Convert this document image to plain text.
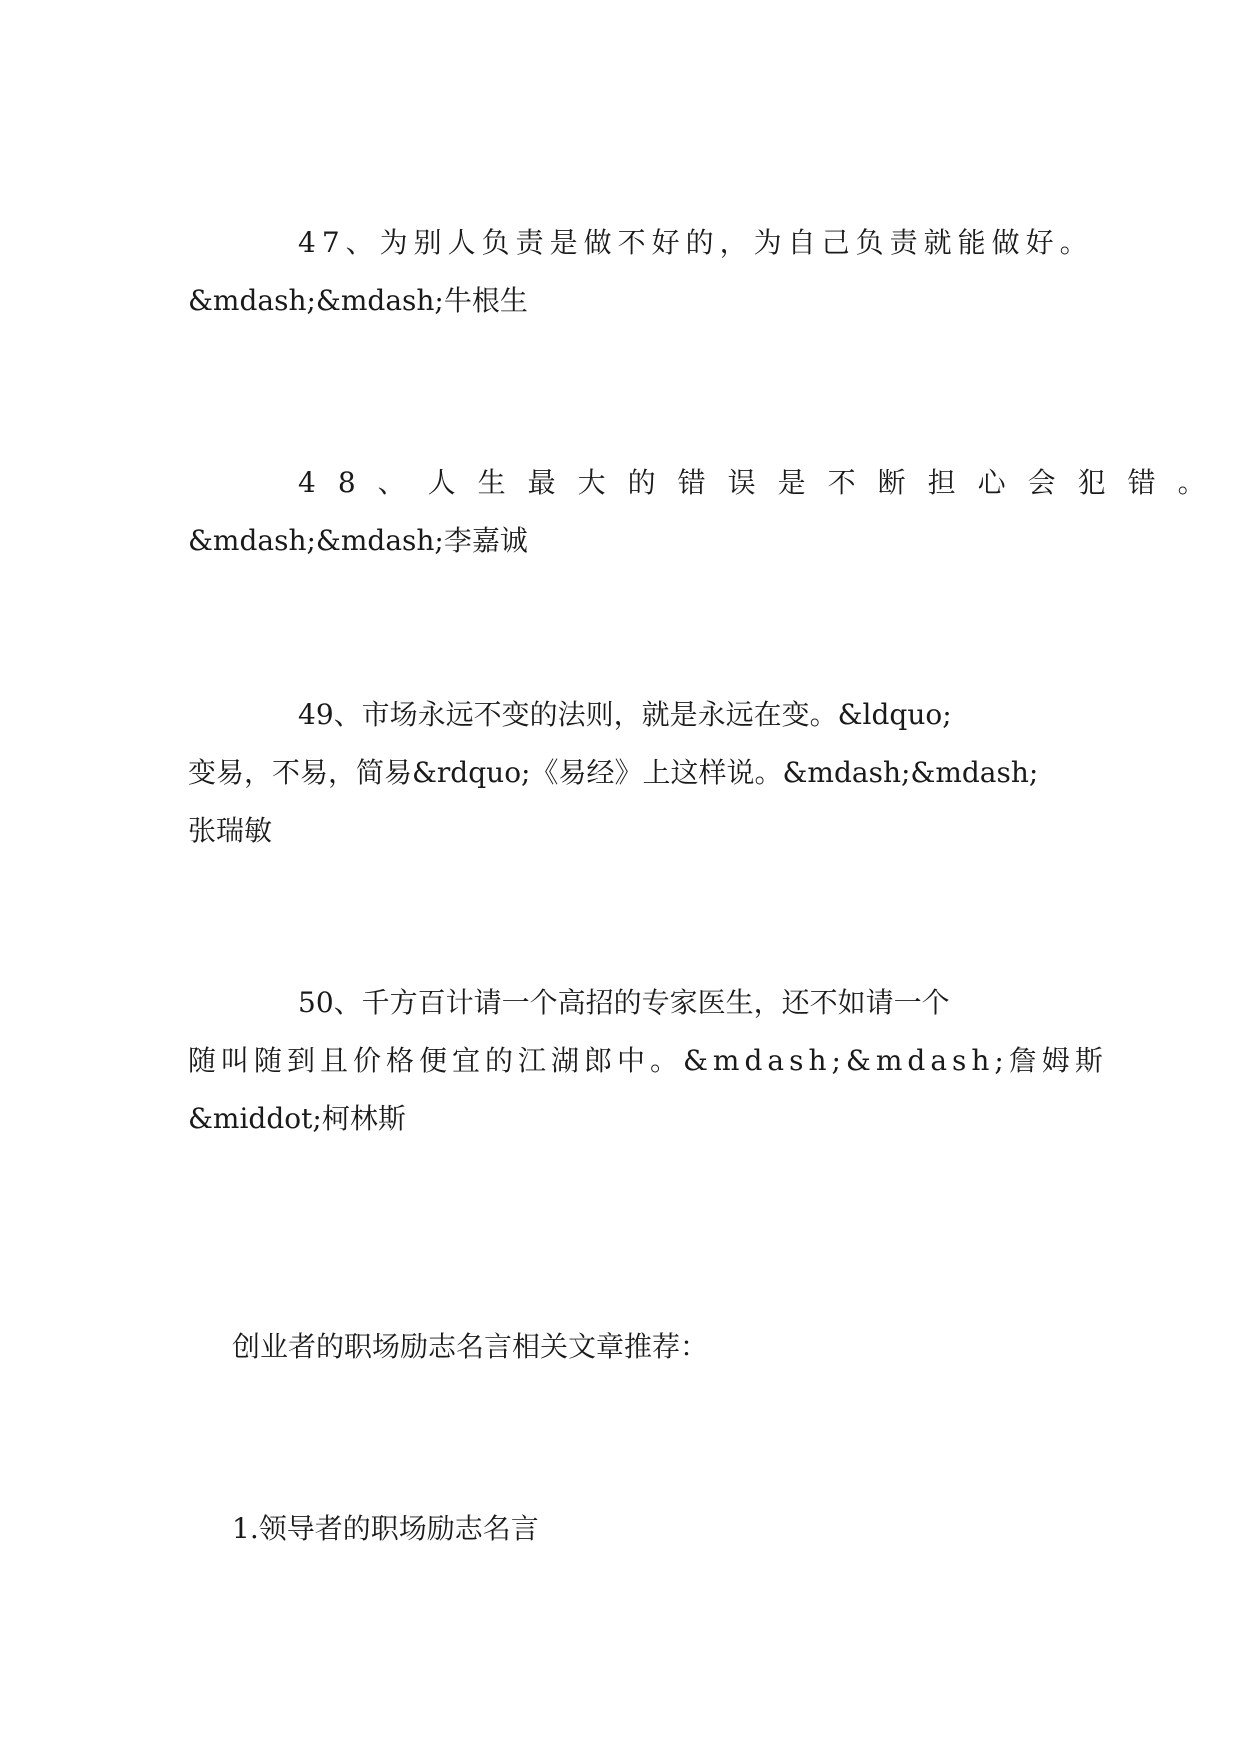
47、为别人负责是做不好的，为自己负责就能做好。
&mdash;&mdash;牛根生

48、人生最大的错误是不断担心会犯错。
&mdash;&mdash;李嘉诚

49、市场永远不变的法则，就是永远在变。&ldquo;
变易，不易，简易&rdquo;《易经》上这样说。&mdash;&mdash;
张瑞敏

50、千方百计请一个高招的专家医生，还不如请一个
随叫随到且价格便宜的江湖郎中。&mdash;&mdash;詹姆斯
&middot;柯林斯

创业者的职场励志名言相关文章推荐：

1.领导者的职场励志名言
